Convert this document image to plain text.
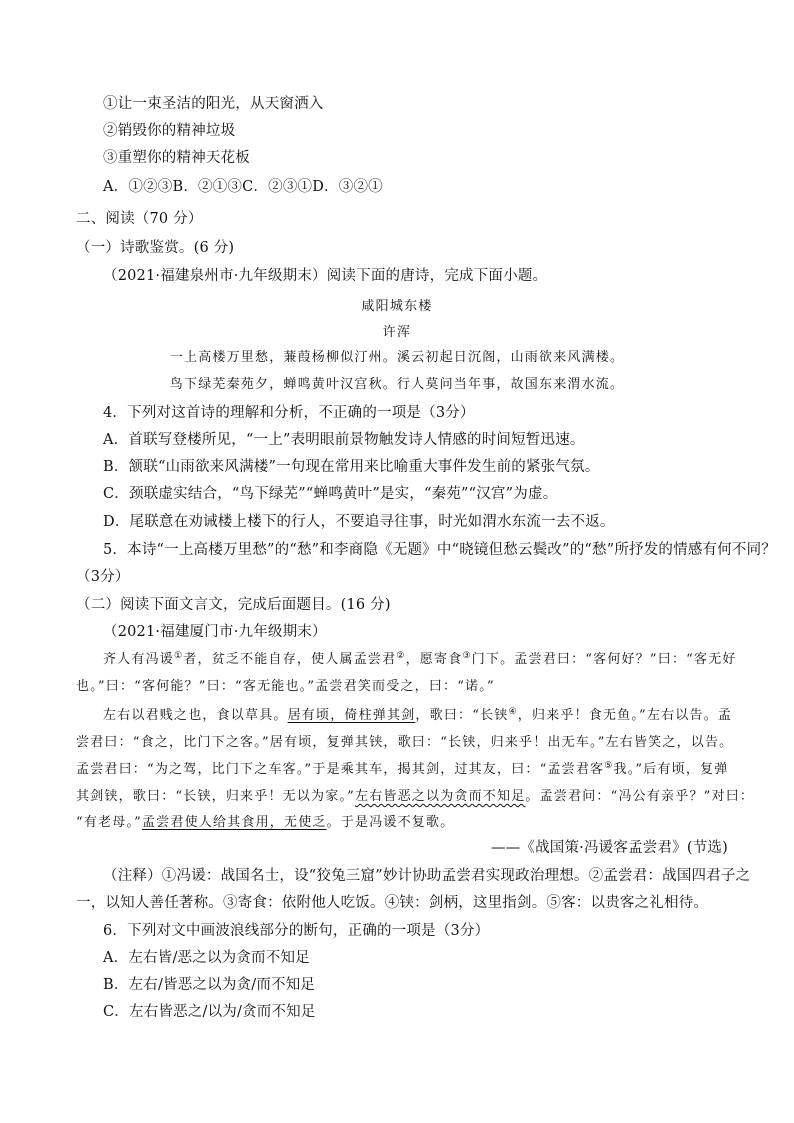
①让一束圣洁的阳光，从天窗洒入
②销毁你的精神垃圾
③重塑你的精神天花板
A．①②③B．②①③C．②③①D．③②①
二、阅读（70 分）
（一）诗歌鉴赏。(6 分)
（2021·福建泉州市·九年级期末）阅读下面的唐诗，完成下面小题。
咸阳城东楼
许浑
一上高楼万里愁，蒹葭杨柳似汀州。溪云初起日沉阁，山雨欲来风满楼。
鸟下绿芜秦苑夕，蝉鸣黄叶汉宫秋。行人莫问当年事，故国东来渭水流。
4．下列对这首诗的理解和分析，不正确的一项是（3分）
A．首联写登楼所见，“一上”表明眼前景物触发诗人情感的时间短暂迅速。
B．颔联“山雨欲来风满楼”一句现在常用来比喻重大事件发生前的紧张气氛。
C．颈联虚实结合，“鸟下绿芜”“蝉鸣黄叶”是实，“秦苑”“汉宫”为虚。
D．尾联意在劝诫楼上楼下的行人，不要追寻往事，时光如渭水东流一去不返。
5．本诗“一上高楼万里愁”的“愁”和李商隐《无题》中“晓镜但愁云鬓改”的“愁”所抒发的情感有何不同？
（3分）
（二）阅读下面文言文，完成后面题目。(16 分)
（2021·福建厦门市·九年级期末）
齐人有冯谖①者，贫乏不能自存，使人属孟尝君②，愿寄食③门下。孟尝君曰：“客何好？”曰：“客无好
也。”曰：“客何能？”曰：“客无能也。”孟尝君笑而受之，曰：“诺。”
左右以君贱之也，食以草具。居有顷，倚柱弹其剑，歌曰：“长铗④，归来乎！食无鱼。”左右以告。孟
尝君曰：“食之，比门下之客。”居有顷，复弹其铗，歌曰：“长铗，归来乎！出无车。”左右皆笑之，以告。
孟尝君曰：“为之驾，比门下之车客。”于是乘其车，揭其剑，过其友，曰：“孟尝君客⑤我。”后有顷，复弹
其剑铗，歌曰：“长铗，归来乎！无以为家。”左右皆恶之以为贪而不知足。孟尝君问：“冯公有亲乎？”对曰：
“有老母。”孟尝君使人给其食用，无使乏。于是冯谖不复歌。
——《战国策·冯谖客孟尝君》(节选)
（注释）①冯谖：战国名士，设“狡兔三窟”妙计协助孟尝君实现政治理想。②孟尝君：战国四君子之
一，以知人善任著称。③寄食：依附他人吃饭。④铗：剑柄，这里指剑。⑤客：以贵客之礼相待。
6．下列对文中画波浪线部分的断句，正确的一项是（3分）
A．左右皆/恶之以为贪而不知足
B．左右/皆恶之以为贪/而不知足
C．左右皆恶之/以为/贪而不知足
